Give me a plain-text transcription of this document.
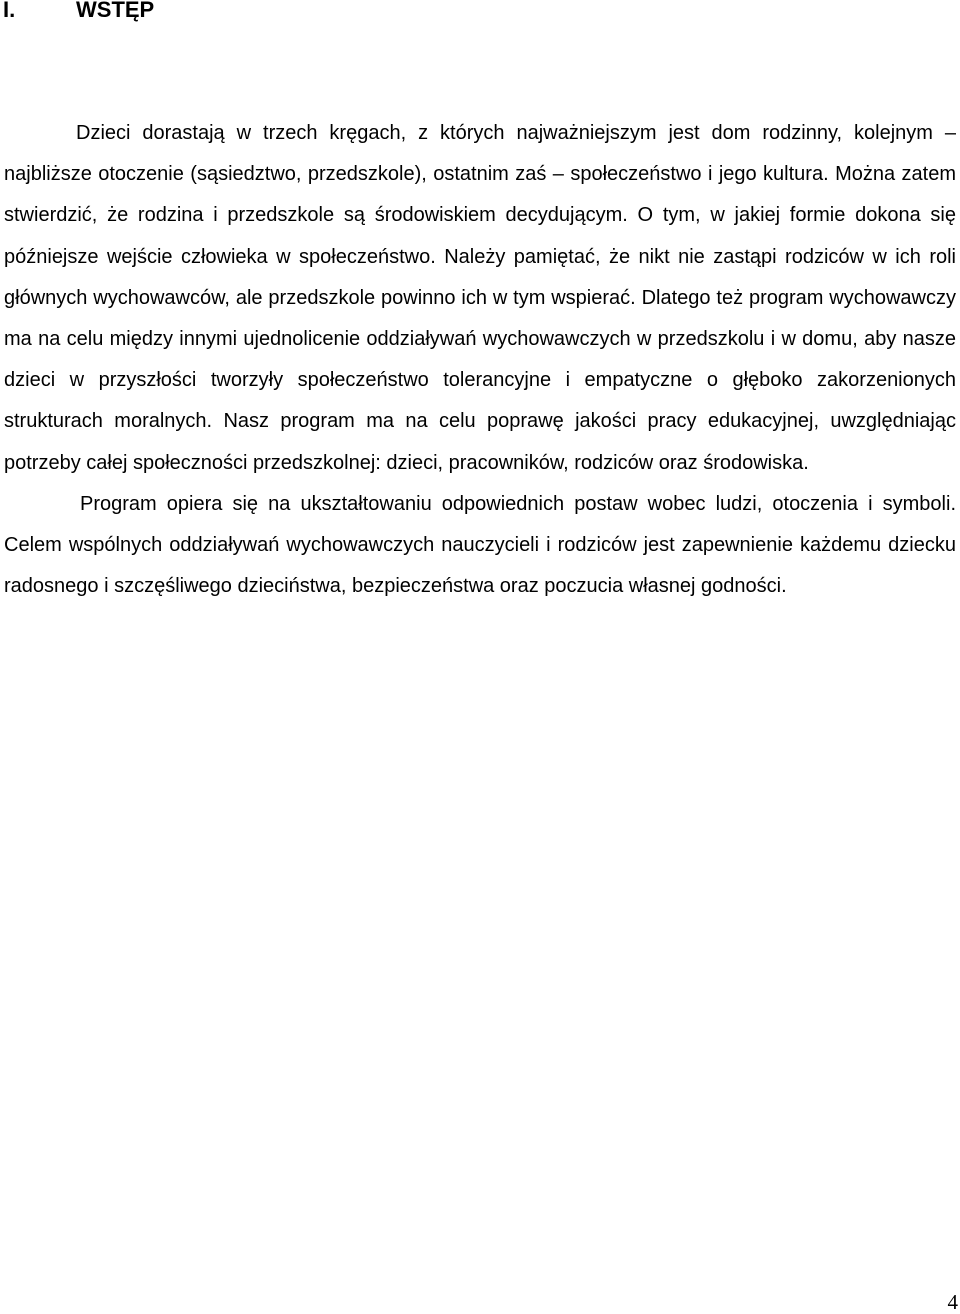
I.	WSTĘP

Dzieci dorastają w trzech kręgach, z których najważniejszym jest dom rodzinny, kolejnym – najbliższe otoczenie (sąsiedztwo, przedszkole), ostatnim zaś – społeczeństwo i jego kultura. Można zatem stwierdzić, że rodzina i przedszkole są środowiskiem decydującym. O tym, w jakiej formie dokona się późniejsze wejście człowieka w społeczeństwo. Należy pamiętać, że nikt nie zastąpi rodziców w ich roli głównych wychowawców, ale przedszkole powinno ich w tym wspierać. Dlatego też program wychowawczy ma na celu między innymi ujednolicenie oddziaływań wychowawczych w przedszkolu i w domu, aby nasze dzieci w przyszłości tworzyły społeczeństwo tolerancyjne i empatyczne o głęboko zakorzenionych strukturach moralnych. Nasz program ma na celu poprawę jakości pracy edukacyjnej, uwzględniając potrzeby całej społeczności przedszkolnej: dzieci, pracowników, rodziców oraz środowiska.

Program opiera się na ukształtowaniu odpowiednich postaw wobec ludzi, otoczenia i symboli. Celem wspólnych oddziaływań wychowawczych nauczycieli i rodziców jest zapewnienie każdemu dziecku radosnego i szczęśliwego dzieciństwa, bezpieczeństwa oraz poczucia własnej godności.

4
